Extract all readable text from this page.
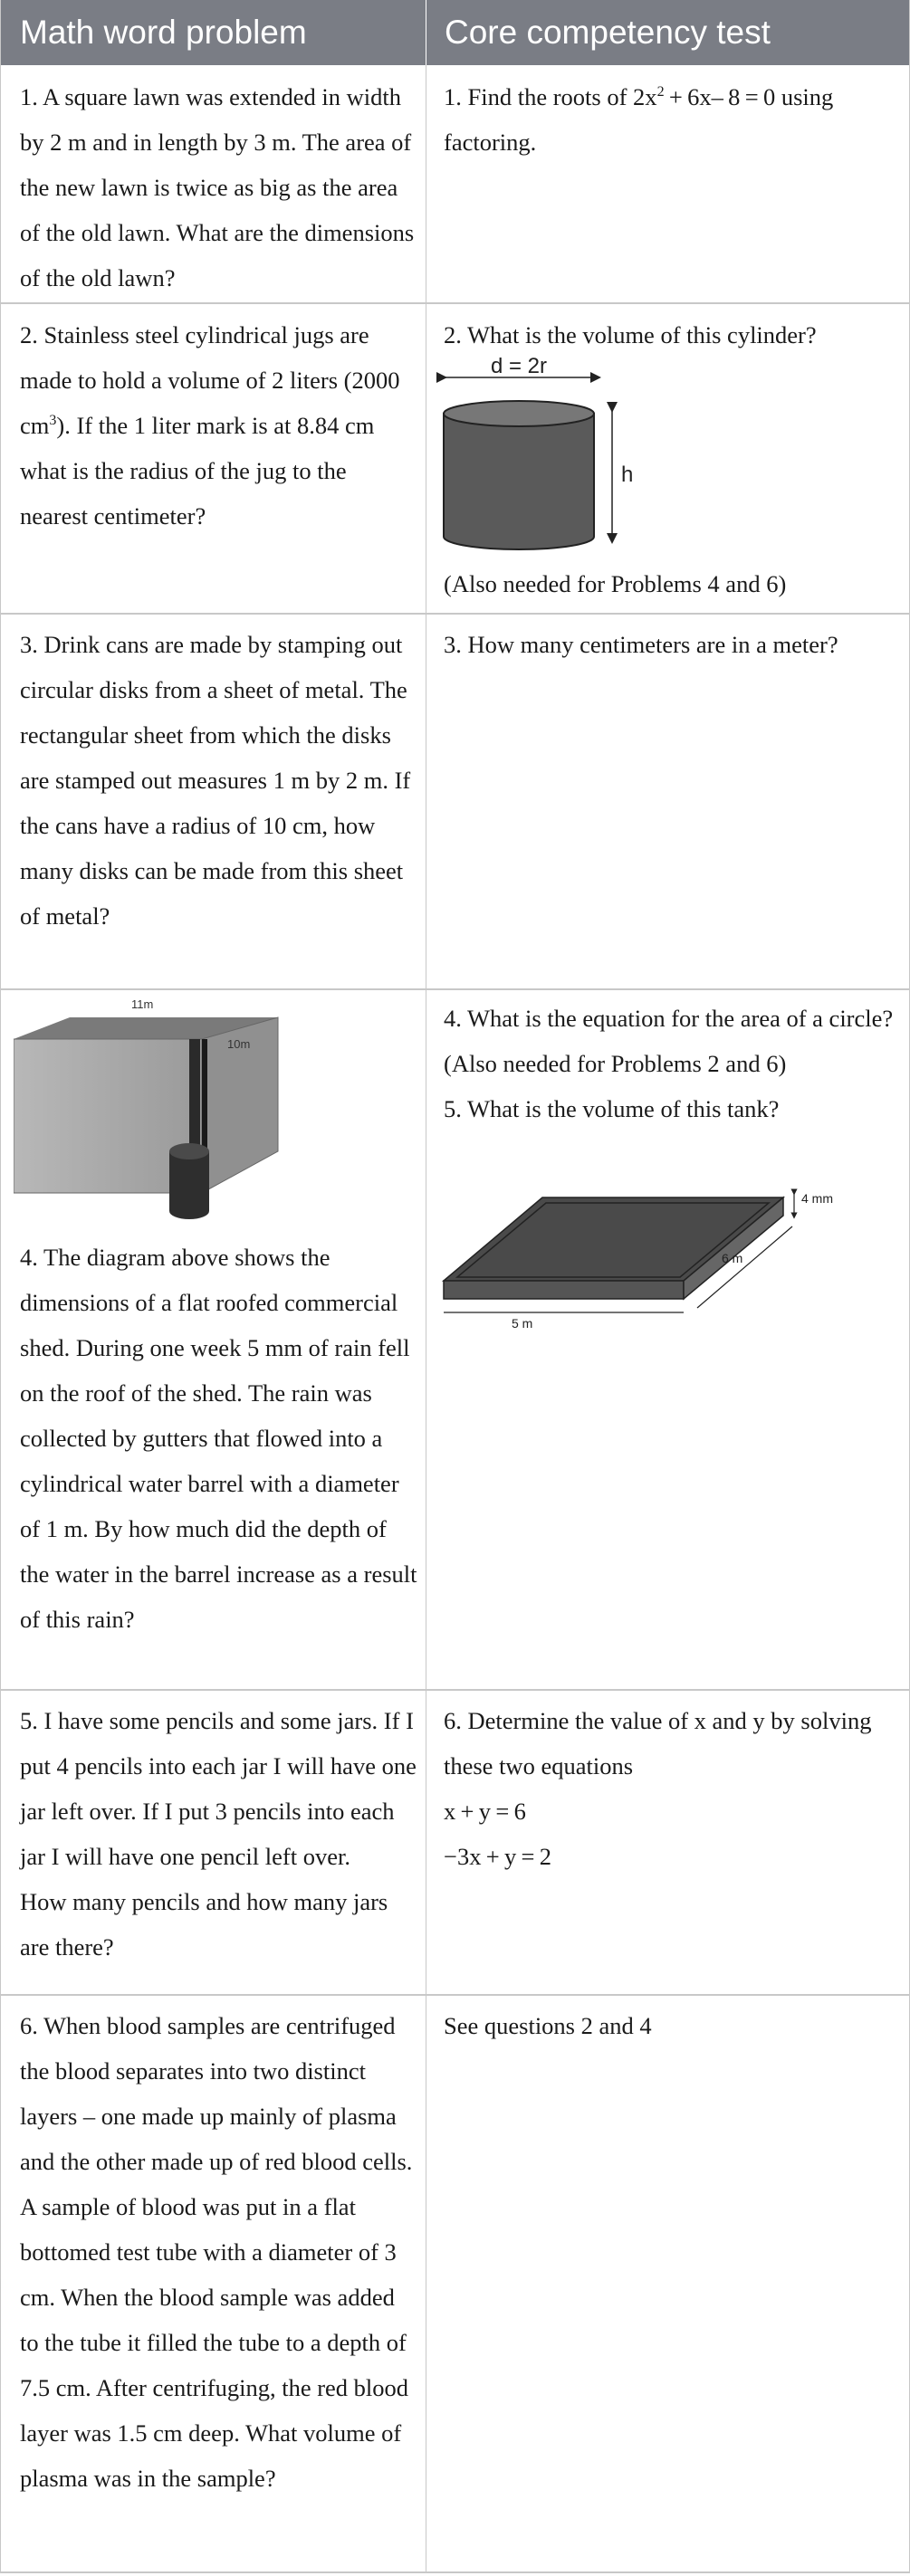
Math word problem	Core competency test

1. A square lawn was extended in width by 2 m and in length by 3 m. The area of the new lawn is twice as big as the area of the old lawn. What are the dimensions of the old lawn?

1. Find the roots of $2x^2 + 6x-$ 8 = 0 using factoring.

2. Stainless steel cylindrical jugs are made to hold a volume of 2 liters (2000 $cm^3$). If the 1 liter mark is at 8.84 cm what is the radius of the jug to the nearest centimeter?

2. What is the volume of this cylinder?

d = 2r
h

(Also needed for Problems 4 and 6)

3. Drink cans are made by stamping out circular disks from a sheet of metal. The rectangular sheet from which the disks are stamped out measures 1 m by 2 m. If the cans have a radius of 10 cm, how many disks can be made from this sheet of metal?

3. How many centimeters are in a meter?

11m
10m

4. The diagram above shows the dimensions of a flat roofed commercial shed. During one week 5 mm of rain fell on the roof of the shed. The rain was collected by gutters that flowed into a cylindrical water barrel with a diameter of 1 m. By how much did the depth of the water in the barrel increase as a result of this rain?

4. What is the equation for the area of a circle?

(Also needed for Problems 2 and 6)

5. What is the volume of this tank?

4 mm
6 m
5 m

5. I have some pencils and some jars. If I put 4 pencils into each jar I will have one jar left over. If I put 3 pencils into each jar I will have one pencil left over.

How many pencils and how many jars are there?

6. Determine the value of x and y by solving these two equations

x + y = 6

−3x + y = 2

6. When blood samples are centrifuged the blood separates into two distinct layers – one made up mainly of plasma and the other made up of red blood cells.

A sample of blood was put in a flat bottomed test tube with a diameter of 3 cm. When the blood sample was added to the tube it filled the tube to a depth of 7.5 cm. After centrifuging, the red blood layer was 1.5 cm deep. What volume of plasma was in the sample?

See questions 2 and 4
